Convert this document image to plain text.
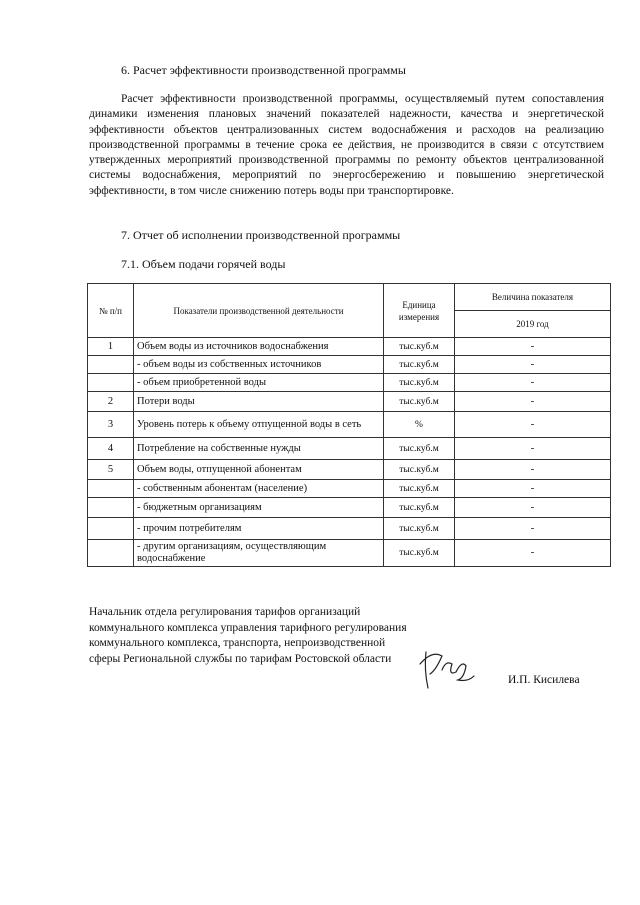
6. Расчет эффективности производственной программы

Расчет эффективности производственной программы, осуществляемый путем сопоставления динамики изменения плановых значений показателей надежности, качества и энергетической эффективности объектов централизованных систем водоснабжения и расходов на реализацию производственной программы в течение срока ее действия, не производится в связи с отсутствием утвержденных мероприятий производственной программы по ремонту объектов централизованной системы водоснабжения, мероприятий по энергосбережению и повышению энергетической эффективности, в том числе снижению потерь воды при транспортировке.

7. Отчет об исполнении производственной программы
7.1. Объем подачи горячей воды
№ п/п	Показатели производственной деятельности	Единица измерения	Величина показателя
			2019 год
1	Объем воды из источников водоснабжения	тыс.куб.м	-
	- объем воды из собственных источников	тыс.куб.м	-
	- объем приобретенной воды	тыс.куб.м	-
2	Потери воды	тыс.куб.м	-
3	Уровень потерь к объему отпущенной воды в сеть	%	-
4	Потребление на собственные нужды	тыс.куб.м	-
5	Объем воды, отпущенной абонентам	тыс.куб.м	-
	- собственным абонентам (население)	тыс.куб.м	-
	- бюджетным организациям	тыс.куб.м	-
	- прочим потребителям	тыс.куб.м	-
	- другим организациям, осуществляющим водоснабжение	тыс.куб.м	-

Начальник отдела регулирования тарифов организаций коммунального комплекса управления тарифного регулирования коммунального комплекса, транспорта, непроизводственной сферы Региональной службы по тарифам Ростовской области

И.П. Кисилева
